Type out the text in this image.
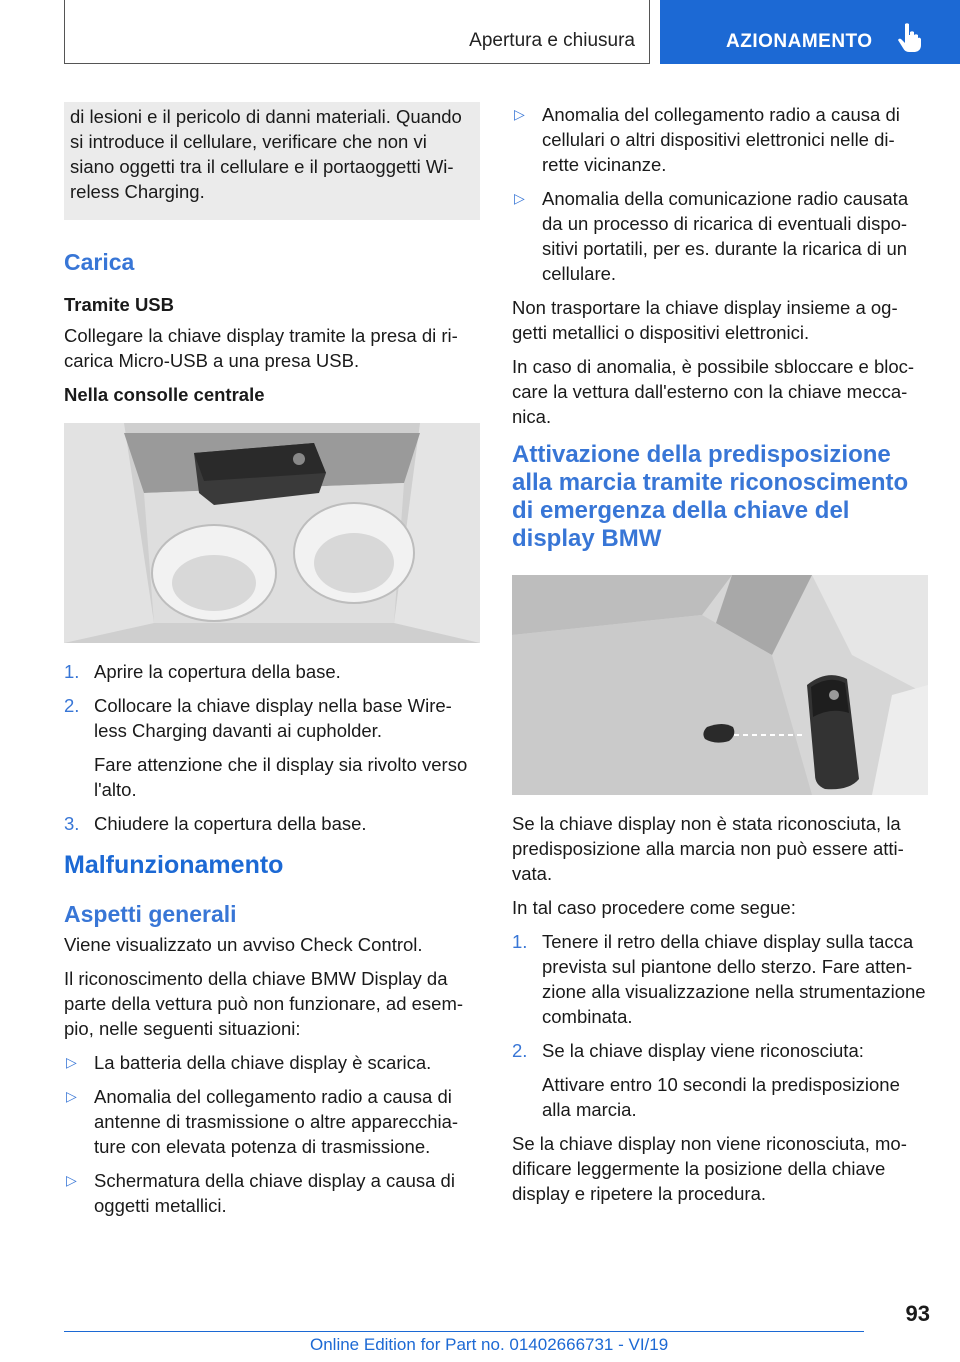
Apertura e chiusura	AZIONAMENTO

di lesioni e il pericolo di danni materiali. Quando si introduce il cellulare, verificare che non vi siano oggetti tra il cellulare e il portaoggetti Wi-reless Charging.

Carica
Tramite USB

Collegare la chiave display tramite la presa di ri-carica Micro-USB a una presa USB.

Nella consolle centrale
1. Aprire la copertura della base.
2. Collocare la chiave display nella base Wire-less Charging davanti ai cupholder.
Fare attenzione che il display sia rivolto verso l'alto.
3. Chiudere la copertura della base.
Malfunzionamento
Aspetti generali

Viene visualizzato un avviso Check Control.

Il riconoscimento della chiave BMW Display da parte della vettura può non funzionare, ad esem-pio, nelle seguenti situazioni:

▷ La batteria della chiave display è scarica.
▷ Anomalia del collegamento radio a causa di antenne di trasmissione o altre apparecchia-ture con elevata potenza di trasmissione.
▷ Schermatura della chiave display a causa di oggetti metallici.
▷ Anomalia del collegamento radio a causa di cellulari o altri dispositivi elettronici nelle di-rette vicinanze.
▷ Anomalia della comunicazione radio causata da un processo di ricarica di eventuali dispo-sitivi portatili, per es. durante la ricarica di un cellulare.

Non trasportare la chiave display insieme a og-getti metallici o dispositivi elettronici.

In caso di anomalia, è possibile sbloccare e bloc-care la vettura dall'esterno con la chiave mecca-nica.

Attivazione della predisposizione alla marcia tramite riconoscimento di emergenza della chiave del display BMW

Se la chiave display non è stata riconosciuta, la predisposizione alla marcia non può essere atti-vata.

In tal caso procedere come segue:

1. Tenere il retro della chiave display sulla tacca prevista sul piantone dello sterzo. Fare atten-zione alla visualizzazione nella strumentazione combinata.
2. Se la chiave display viene riconosciuta:
Attivare entro 10 secondi la predisposizione alla marcia.

Se la chiave display non viene riconosciuta, mo-dificare leggermente la posizione della chiave display e ripetere la procedura.

93
Online Edition for Part no. 01402666731 - VI/19
